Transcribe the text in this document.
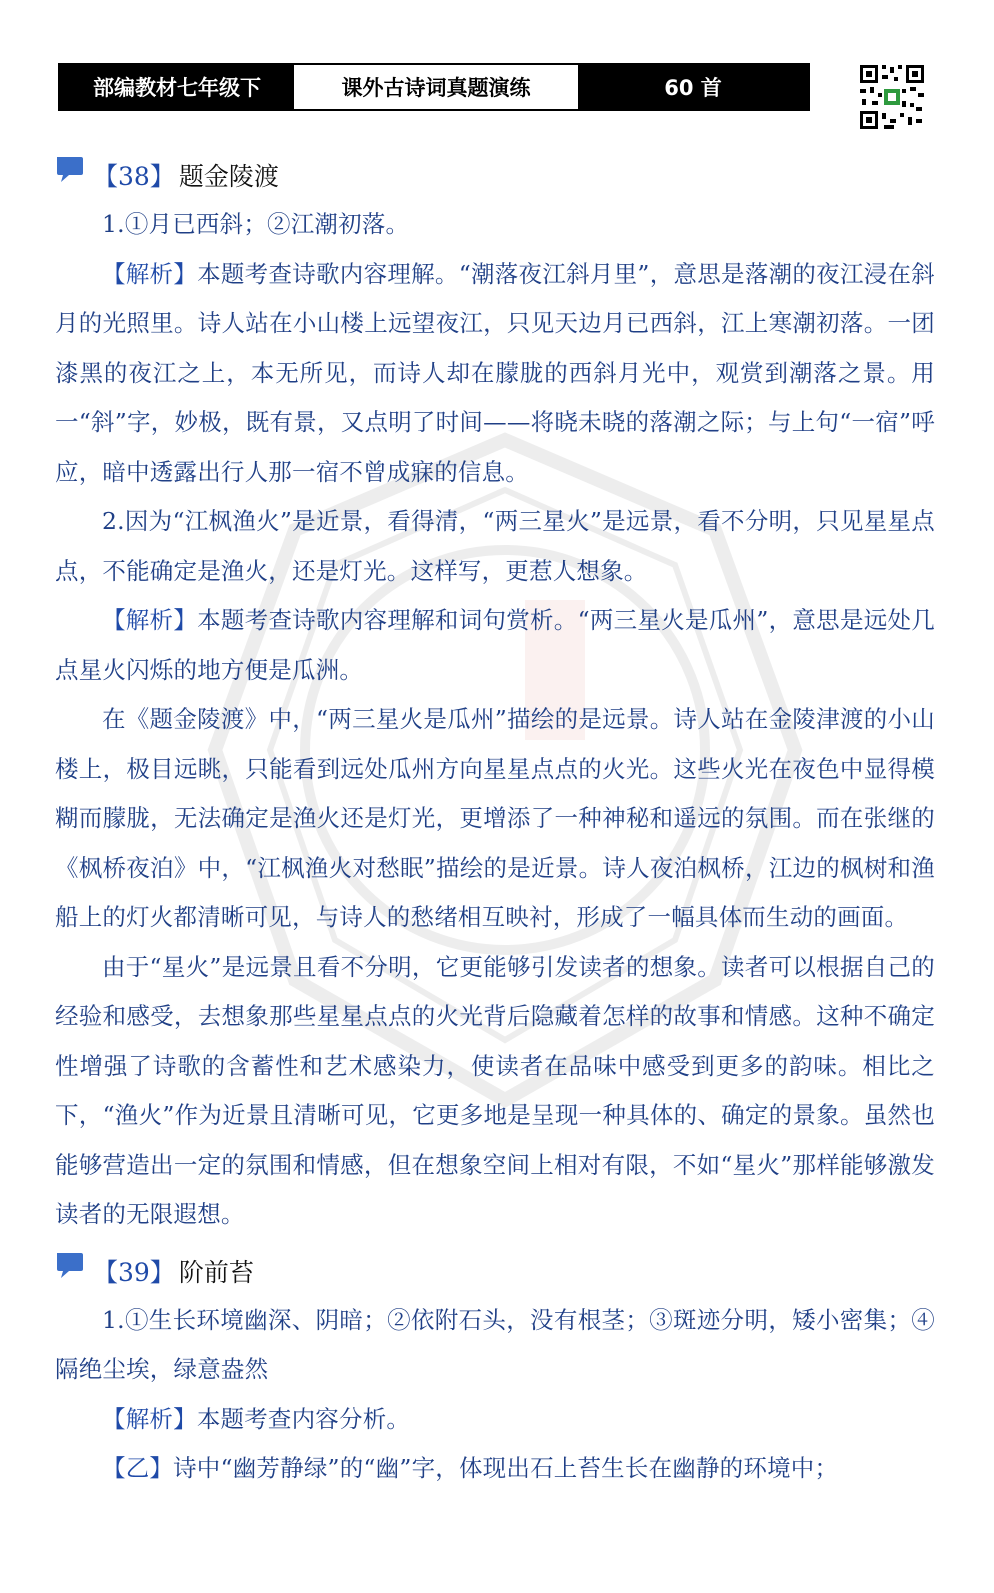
部编教材七年级下	课外古诗词真题演练	60 首
【38】 题金陵渡

1.①月已西斜；②江潮初落。

【解析】本题考查诗歌内容理解。“潮落夜江斜月里”，意思是落潮的夜江浸在斜月的光照里。诗人站在小山楼上远望夜江，只见天边月已西斜，江上寒潮初落。一团漆黑的夜江之上，本无所见，而诗人却在朦胧的西斜月光中，观赏到潮落之景。用一“斜”字，妙极，既有景，又点明了时间——将晓未晓的落潮之际；与上句“一宿”呼应，暗中透露出行人那一宿不曾成寐的信息。

2.因为“江枫渔火”是近景，看得清，“两三星火”是远景，看不分明，只见星星点点，不能确定是渔火，还是灯光。这样写，更惹人想象。

【解析】本题考查诗歌内容理解和词句赏析。“两三星火是瓜州”，意思是远处几点星火闪烁的地方便是瓜洲。

在《题金陵渡》中，“两三星火是瓜州”描绘的是远景。诗人站在金陵津渡的小山楼上，极目远眺，只能看到远处瓜州方向星星点点的火光。这些火光在夜色中显得模糊而朦胧，无法确定是渔火还是灯光，更增添了一种神秘和遥远的氛围。而在张继的《枫桥夜泊》中，“江枫渔火对愁眠”描绘的是近景。诗人夜泊枫桥，江边的枫树和渔船上的灯火都清晰可见，与诗人的愁绪相互映衬，形成了一幅具体而生动的画面。

由于“星火”是远景且看不分明，它更能够引发读者的想象。读者可以根据自己的经验和感受，去想象那些星星点点的火光背后隐藏着怎样的故事和情感。这种不确定性增强了诗歌的含蓄性和艺术感染力，使读者在品味中感受到更多的韵味。相比之下，“渔火”作为近景且清晰可见，它更多地是呈现一种具体的、确定的景象。虽然也能够营造出一定的氛围和情感，但在想象空间上相对有限，不如“星火”那样能够激发读者的无限遐想。

【39】 阶前苔

1.①生长环境幽深、阴暗；②依附石头，没有根茎；③斑迹分明，矮小密集；④隔绝尘埃，绿意盎然

【解析】本题考查内容分析。

【乙】诗中“幽芳静绿”的“幽”字，体现出石上苔生长在幽静的环境中；
